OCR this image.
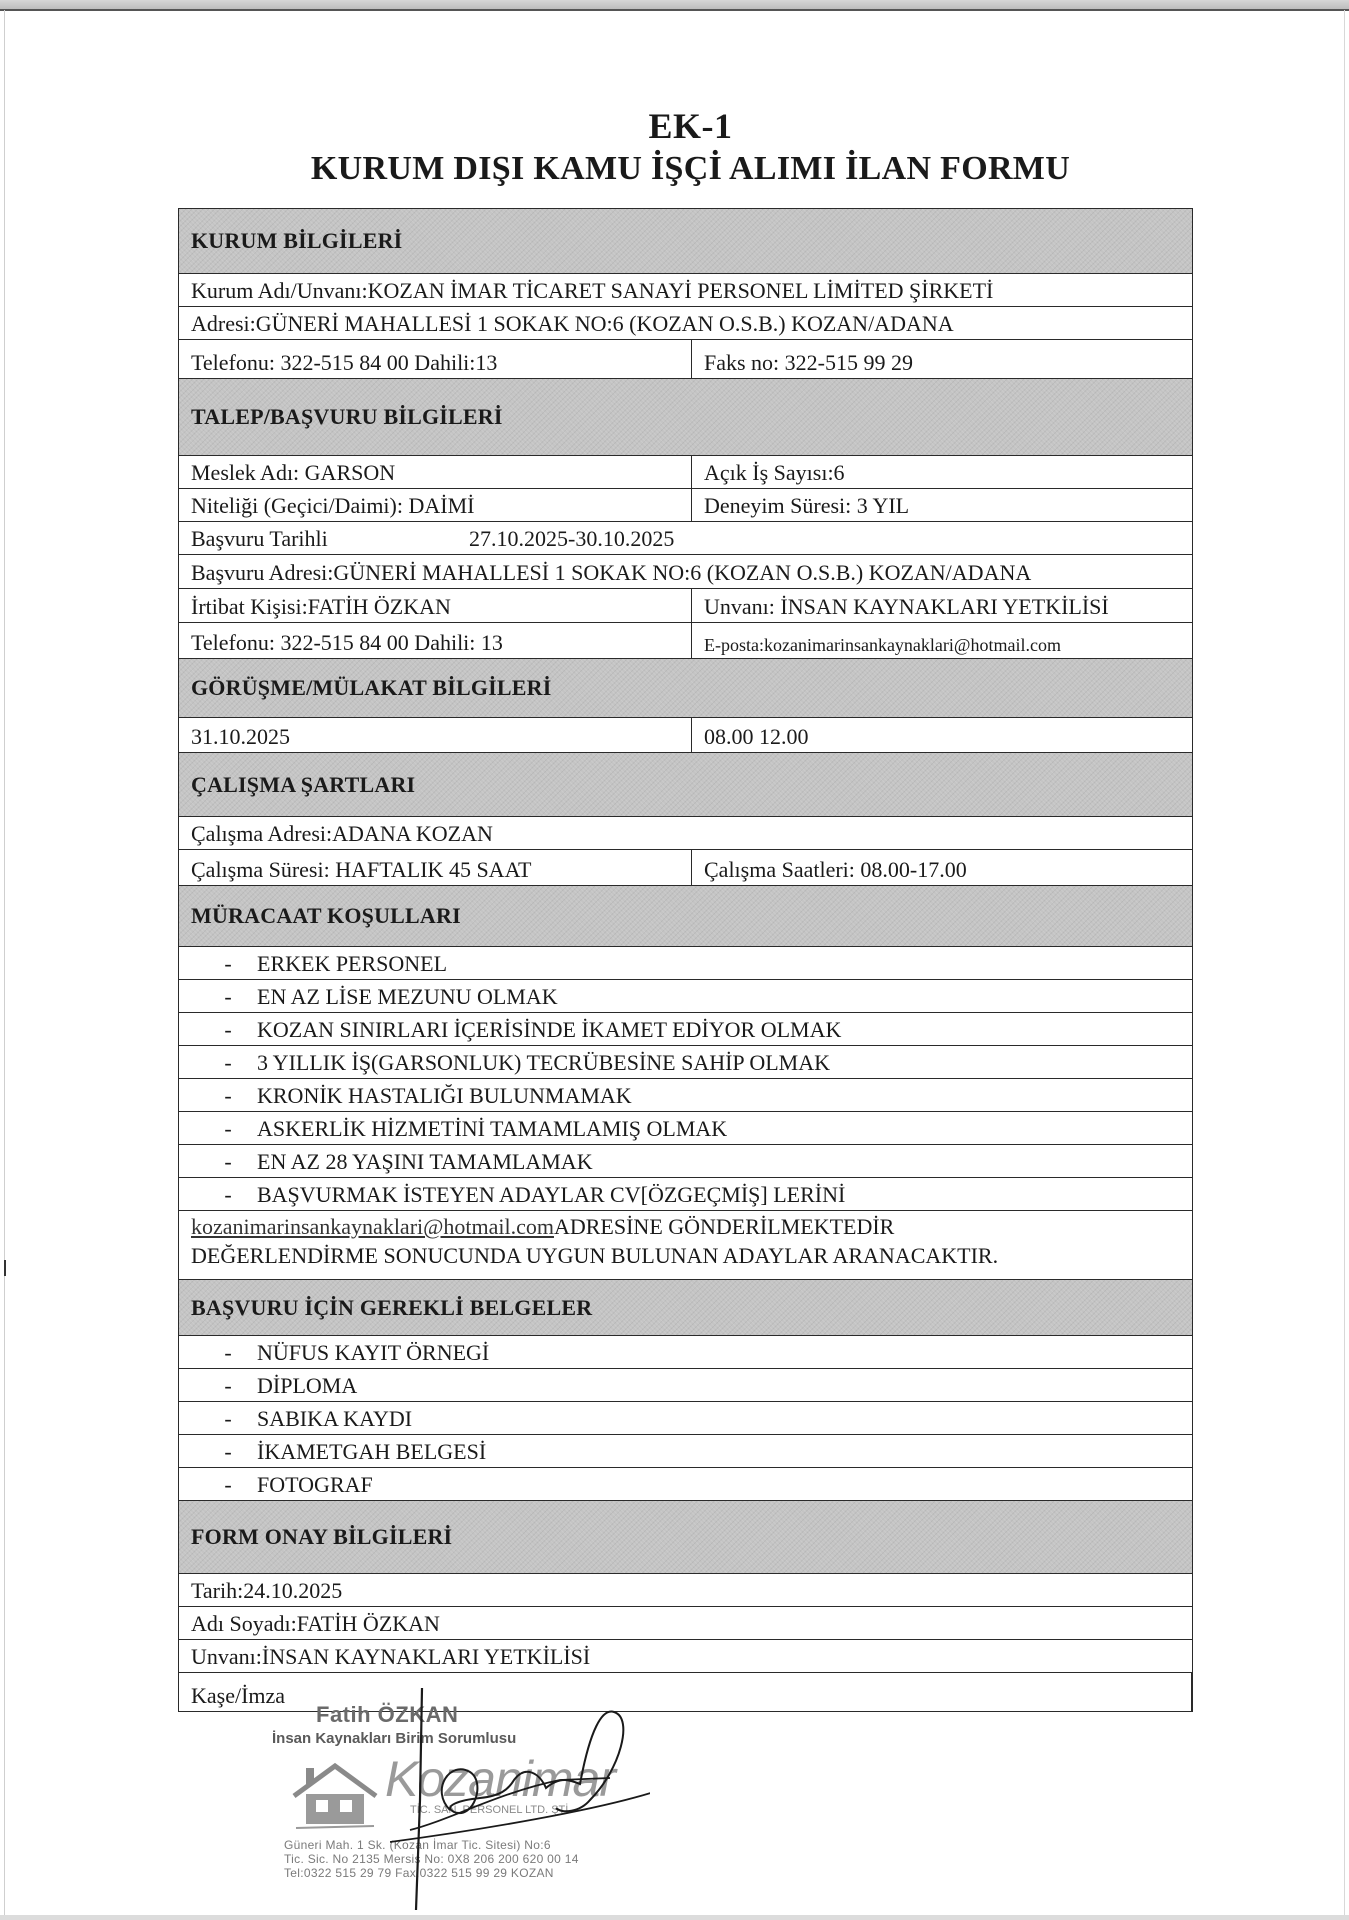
EK-1
KURUM DIŞI KAMU İŞÇİ ALIMI İLAN FORMU
KURUM BİLGİLERİ
Kurum Adı/Unvanı:KOZAN İMAR TİCARET SANAYİ PERSONEL LİMİTED ŞİRKETİ
Adresi:GÜNERİ MAHALLESİ 1 SOKAK NO:6 (KOZAN O.S.B.) KOZAN/ADANA
Telefonu: 322-515 84 00 Dahili:13	Faks no: 322-515 99 29
TALEP/BAŞVURU BİLGİLERİ
Meslek Adı: GARSON	Açık İş Sayısı:6
Niteliği (Geçici/Daimi): DAİMİ	Deneyim Süresi: 3 YIL
Başvuru Tarihli	27.10.2025-30.10.2025
Başvuru Adresi:GÜNERİ MAHALLESİ 1 SOKAK NO:6 (KOZAN O.S.B.) KOZAN/ADANA
İrtibat Kişisi:FATİH ÖZKAN	Unvanı: İNSAN KAYNAKLARI YETKİLİSİ
Telefonu: 322-515 84 00 Dahili: 13	E-posta:kozanimarinsankaynaklari@hotmail.com
GÖRÜŞME/MÜLAKAT BİLGİLERİ
31.10.2025	08.00 12.00
ÇALIŞMA ŞARTLARI
Çalışma Adresi:ADANA KOZAN
Çalışma Süresi: HAFTALIK 45 SAAT	Çalışma Saatleri: 08.00-17.00
MÜRACAAT KOŞULLARI
- ERKEK PERSONEL
- EN AZ LİSE MEZUNU OLMAK
- KOZAN SINIRLARI İÇERİSİNDE İKAMET EDİYOR OLMAK
- 3 YILLIK İŞ(GARSONLUK) TECRÜBESİNE SAHİP OLMAK
- KRONİK HASTALIĞI BULUNMAMAK
- ASKERLİK HİZMETİNİ TAMAMLAMIŞ OLMAK
- EN AZ 28 YAŞINI TAMAMLAMAK
- BAŞVURMAK İSTEYEN ADAYLAR CV[ÖZGEÇMİŞ] LERİNİ
kozanimarinsankaynaklari@hotmail.com ADRESİNE GÖNDERİLMEKTEDİR
DEĞERLENDİRME SONUCUNDA UYGUN BULUNAN ADAYLAR ARANACAKTIR.
BAŞVURU İÇİN GEREKLİ BELGELER
- NÜFUS KAYIT ÖRNEGİ
- DİPLOMA
- SABIKA KAYDI
- İKAMETGAH BELGESİ
- FOTOGRAF
FORM ONAY BİLGİLERİ
Tarih:24.10.2025
Adı Soyadı:FATİH ÖZKAN
Unvanı:İNSAN KAYNAKLARI YETKİLİSİ
Kaşe/İmza
Fatih ÖZKAN
İnsan Kaynakları Birim Sorumlusu
Kozanimar
TİC. SAN. PERSONEL LTD. ŞTİ.
Güneri Mah. 1 Sk. (Kozan İmar Tic. Sitesi) No:6
Tic. Sic. No 2135 Mersis No: 0X8 206 200 620 00 14
Tel:0322 515 29 79 Fax:0322 515 99 29 KOZAN
